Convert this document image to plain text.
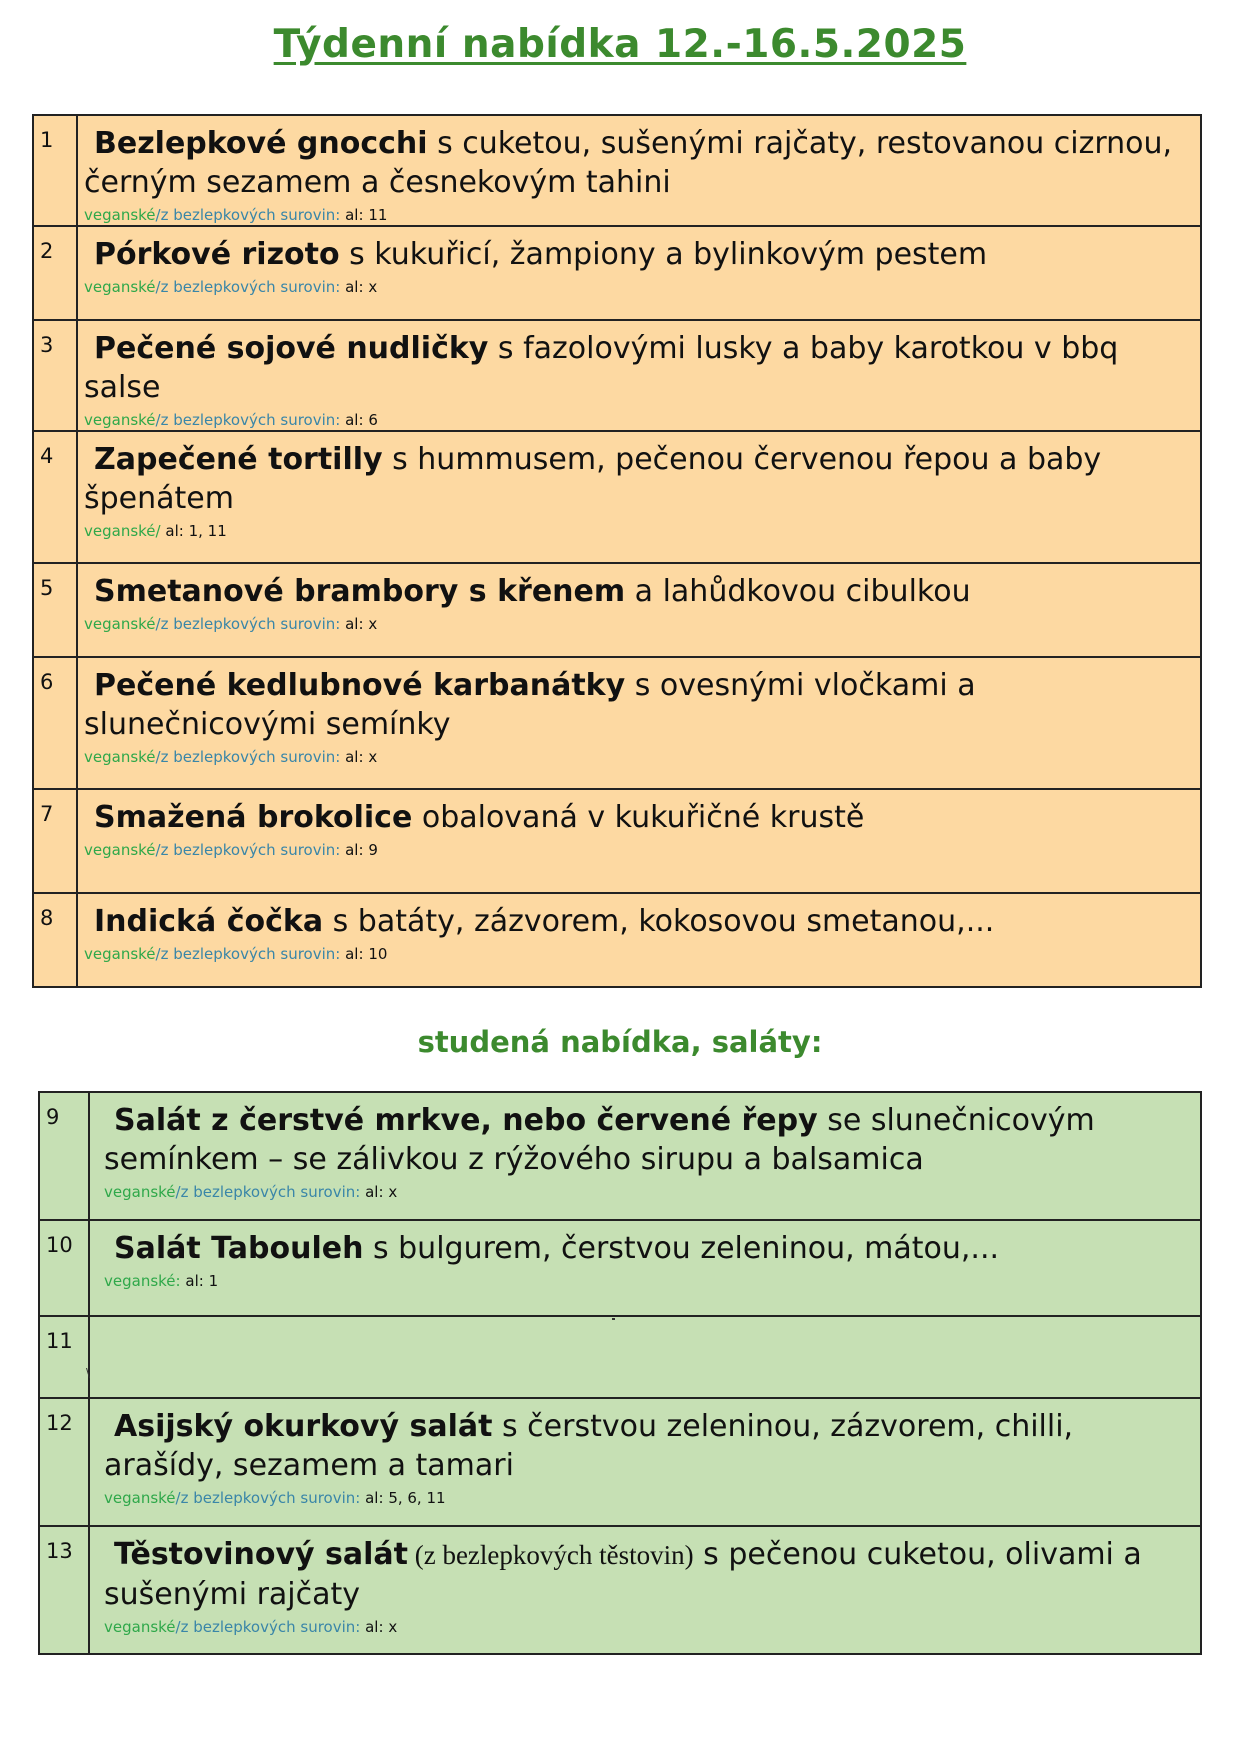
Týdenní nabídka 12.-16.5.2025
1	Bezlepkové gnocchi s cuketou, sušenými rajčaty, restovanou cizrnou, černým sezamem a česnekovým tahini
veganské/z bezlepkových surovin: al: 11

2	Pórkové rizoto s kukuřicí, žampiony a bylinkovým pestem
veganské/z bezlepkových surovin: al: x

3	Pečené sojové nudličky s fazolovými lusky a baby karotkou v bbq salse
veganské/z bezlepkových surovin: al: 6

4	Zapečené tortilly s hummusem, pečenou červenou řepou a baby špenátem
veganské/ al: 1, 11

5	Smetanové brambory s křenem a lahůdkovou cibulkou
veganské/z bezlepkových surovin: al: x

6	Pečené kedlubnové karbanátky s ovesnými vločkami a slunečnicovými semínky
veganské/z bezlepkových surovin: al: x

7	Smažená brokolice obalovaná v kukuřičné krustě
veganské/z bezlepkových surovin: al: 9

8	Indická čočka s batáty, zázvorem, kokosovou smetanou,...
veganské/z bezlepkových surovin: al: 10
studená nabídka, saláty:
9	Salát z čerstvé mrkve, nebo červené řepy se slunečnicovým semínkem – se zálivkou z rýžového sirupu a balsamica
veganské/z bezlepkových surovin: al: x

10	Salát Tabouleh s bulgurem, čerstvou zeleninou, mátou,...
veganské: al: 1

11	
12	Asijský okurkový salát s čerstvou zeleninou, zázvorem, chilli, arašídy, sezamem a tamari
veganské/z bezlepkových surovin: al: 5, 6, 11

13	Těstovinový salát (z bezlepkových těstovin) s pečenou cuketou, olivami a sušenými rajčaty
veganské/z bezlepkových surovin: al: x
\
